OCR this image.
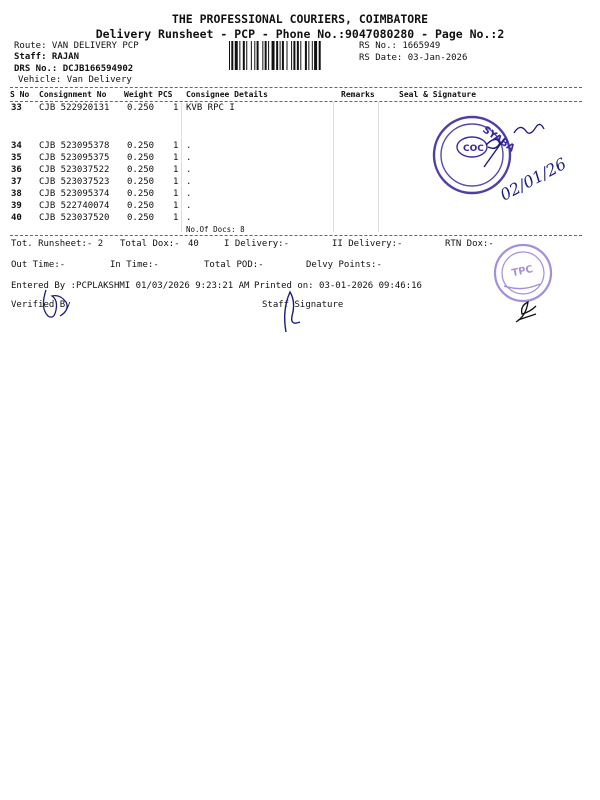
THE PROFESSIONAL COURIERS, COIMBATORE
Delivery Runsheet - PCP - Phone No.:9047080280 - Page No.:2
Route: VAN DELIVERY PCP
Staff: RAJAN
DRS No.: DCJB166594902
Vehicle: Van Delivery
RS No.: 1665949
RS Date: 03-Jan-2026
S No Consignment No Weight PCS Consignee Details	Remarks	Seal & Signature
33 CJB 522920131 0.250 1 KVB RPC I
34 CJB 523095378 0.250 1 .
35 CJB 523095375 0.250 1 .
36 CJB 523037522 0.250 1 .
37 CJB 523037523 0.250 1 .
38 CJB 523095374 0.250 1 .
39 CJB 522740074 0.250 1 .
40 CJB 523037520 0.250 1 .
No.Of Docs: 8
Tot. Runsheet:- 2 Total Dox:- 40	I Delivery:-	II Delivery:-	RTN Dox:-
Out Time:-	In Time:-	Total POD:-	Delvy Points:-
Entered By :PCPLAKSHMI 01/03/2026 9:23:21 AM Printed on: 03-01-2026 09:46:16
Verified By	Staff Signature
SYABA
COC
02/01/26
TPC
